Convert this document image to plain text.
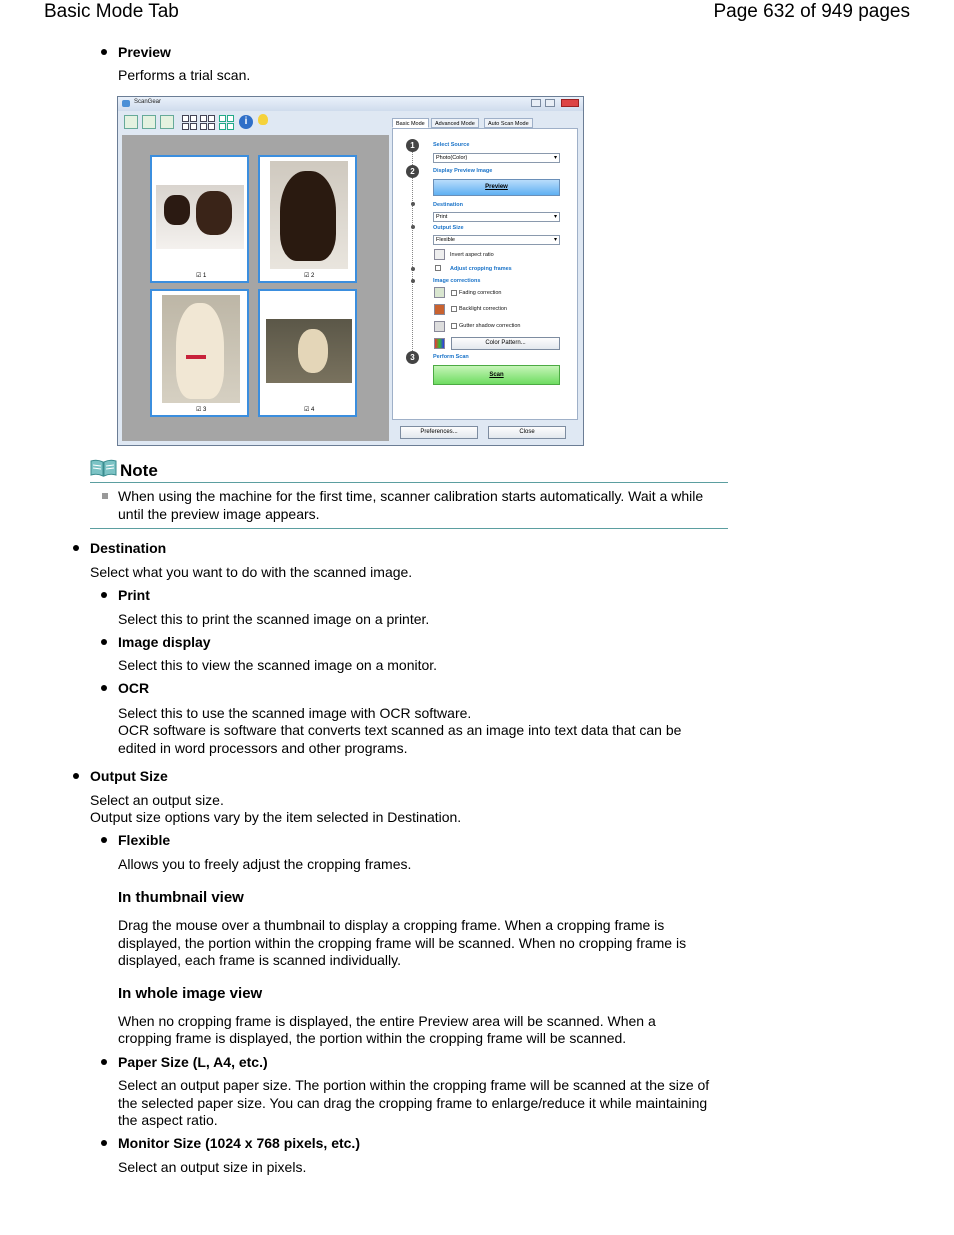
Basic Mode Tab	Page 632 of 949 pages
Preview
Performs a trial scan.
ScanGear
i
☑ 1	☑ 2
☑ 3	☑ 4
Basic Mode	Advanced Mode	Auto Scan Mode
1	Select Source
Photo(Color) ▾
2	Display Preview Image
Preview
Destination
Print ▾
Output Size
Flexible ▾
Invert aspect ratio
Adjust cropping frames
Image corrections
Fading correction
Backlight correction
Gutter shadow correction
Color Pattern...
3	Perform Scan
Scan
Preferences...	Close
Note
When using the machine for the first time, scanner calibration starts automatically. Wait a while
until the preview image appears.
Destination
Select what you want to do with the scanned image.
Print
Select this to print the scanned image on a printer.
Image display
Select this to view the scanned image on a monitor.
OCR
Select this to use the scanned image with OCR software.
OCR software is software that converts text scanned as an image into text data that can be
edited in word processors and other programs.
Output Size
Select an output size.
Output size options vary by the item selected in Destination.
Flexible
Allows you to freely adjust the cropping frames.
In thumbnail view
Drag the mouse over a thumbnail to display a cropping frame. When a cropping frame is
displayed, the portion within the cropping frame will be scanned. When no cropping frame is
displayed, each frame is scanned individually.
In whole image view
When no cropping frame is displayed, the entire Preview area will be scanned. When a
cropping frame is displayed, the portion within the cropping frame will be scanned.
Paper Size (L, A4, etc.)
Select an output paper size. The portion within the cropping frame will be scanned at the size of
the selected paper size. You can drag the cropping frame to enlarge/reduce it while maintaining
the aspect ratio.
Monitor Size (1024 x 768 pixels, etc.)
Select an output size in pixels.
